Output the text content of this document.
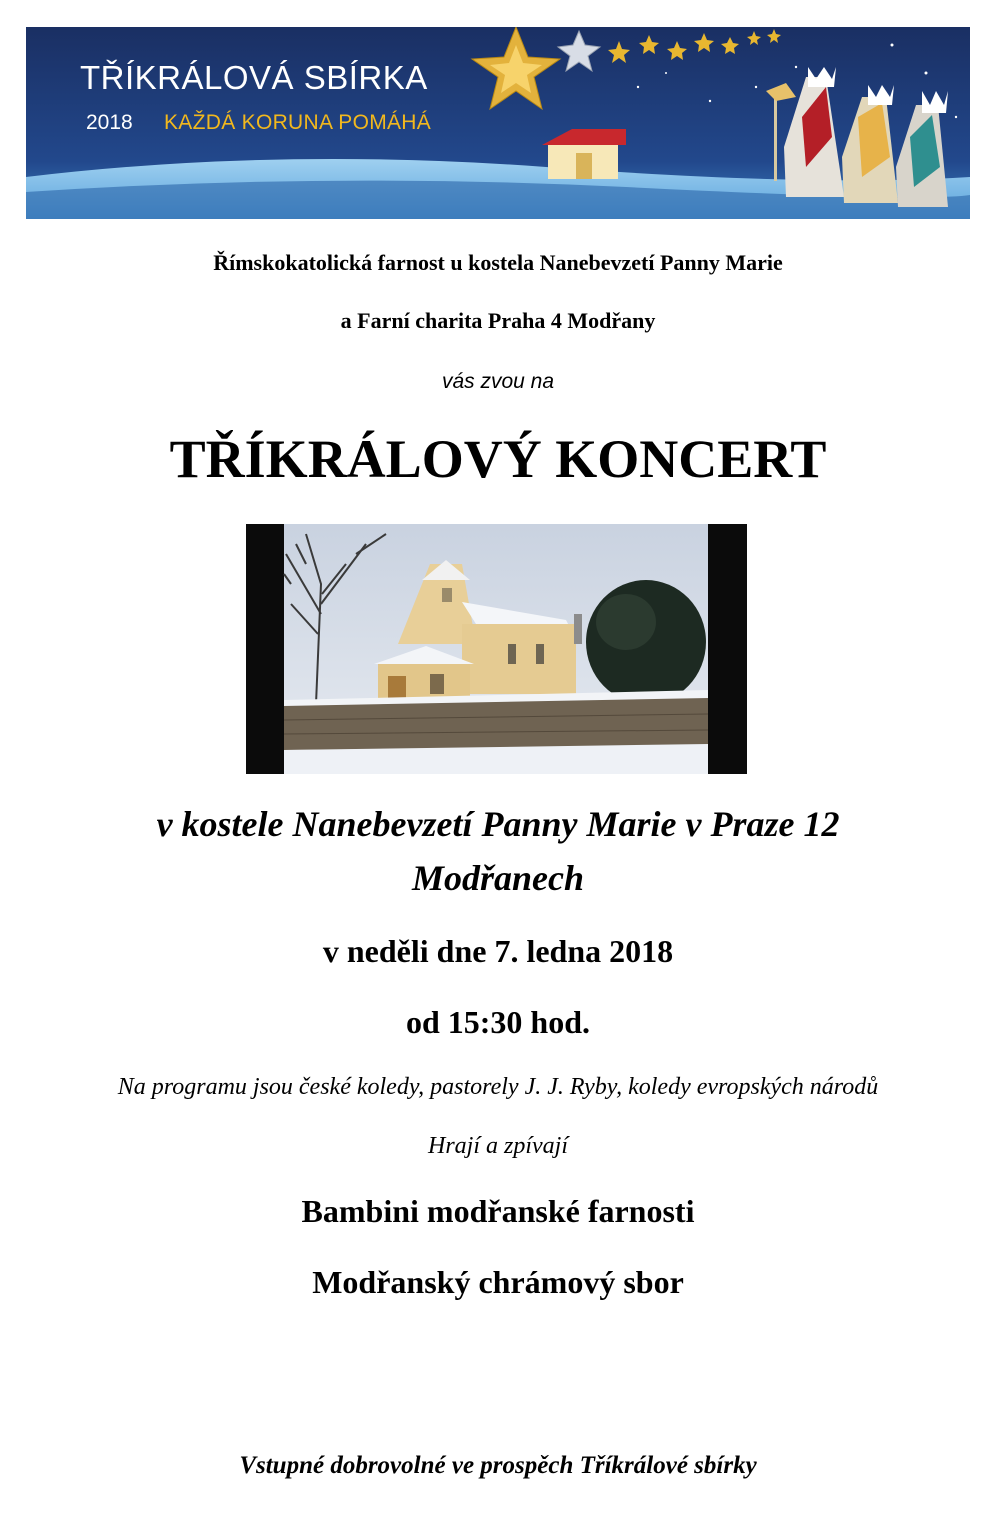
TŘÍKRÁLOVÁ SBÍRKA
2018 KAŽDÁ KORUNA POMÁHÁ
Římskokatolická farnost u kostela Nanebevzetí Panny Marie
a Farní charita Praha 4 Modřany
vás zvou na
TŘÍKRÁLOVÝ KONCERT
v kostele Nanebevzetí Panny Marie v Praze 12
Modřanech
v neděli dne 7. ledna 2018
od 15:30 hod.
Na programu jsou české koledy, pastorely J. J. Ryby, koledy evropských národů
Hrají a zpívají
Bambini modřanské farnosti
Modřanský chrámový sbor
Vstupné dobrovolné ve prospěch Tříkrálové sbírky
